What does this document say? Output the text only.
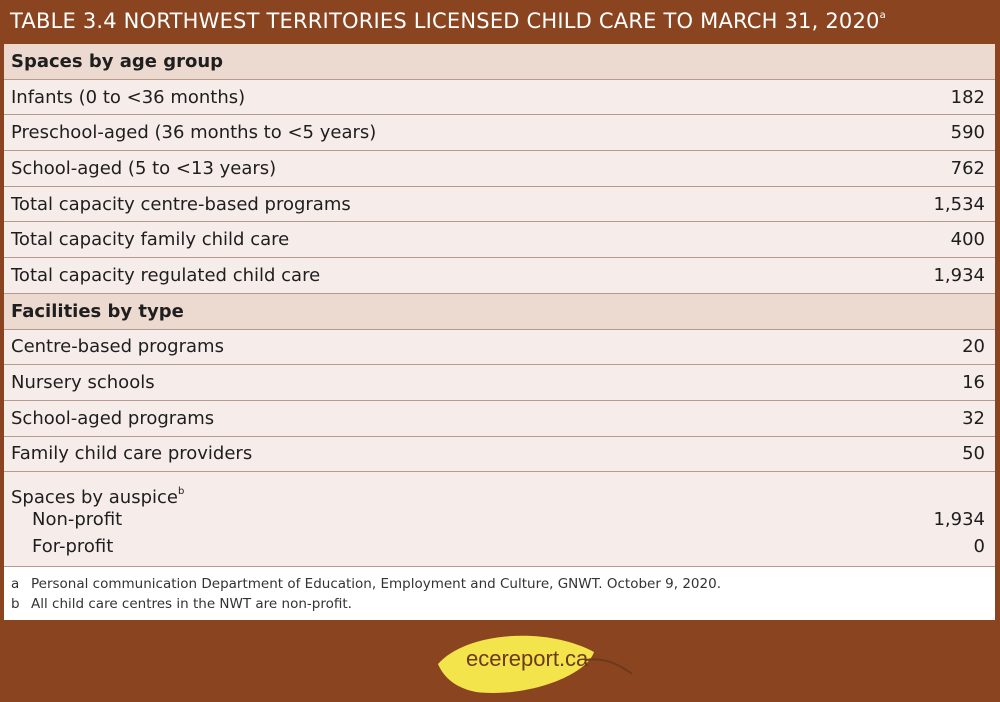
TABLE 3.4 NORTHWEST TERRITORIES LICENSED CHILD CARE TO MARCH 31, 2020$^a$
Spaces by age group
Infants (0 to <36 months)	182
Preschool-aged (36 months to <5 years)	590
School-aged (5 to <13 years)	762
Total capacity centre-based programs	1,534
Total capacity family child care	400
Total capacity regulated child care	1,934
Facilities by type
Centre-based programs	20
Nursery schools	16
School-aged programs	32
Family child care providers	50
Spaces by auspice$^b$
Non-profit	1,934
For-profit	0
a Personal communication Department of Education, Employment and Culture, GNWT. October 9, 2020.
b All child care centres in the NWT are non-profit.
ecereport.ca
